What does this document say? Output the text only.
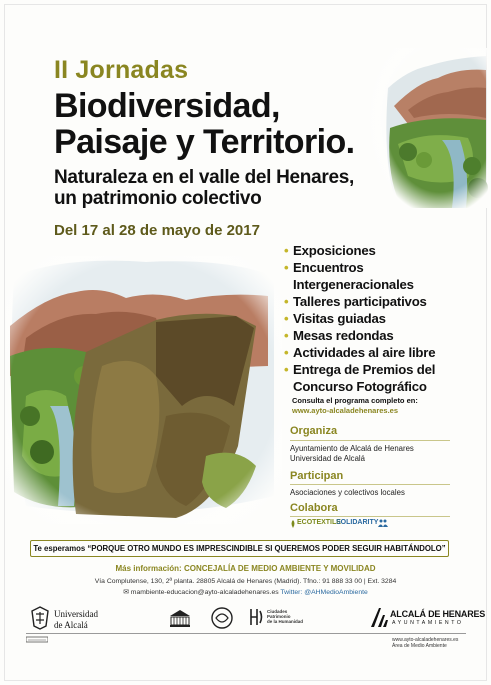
II Jornadas
Biodiversidad,
Paisaje y Territorio.
Naturaleza en el valle del Henares,
un patrimonio colectivo
Del 17 al 28 de mayo de 2017
• Exposiciones
• Encuentros
Intergeneracionales
• Talleres participativos
• Visitas guiadas
• Mesas redondas
• Actividades al aire libre
• Entrega de Premios del
Concurso Fotográfico
Consulta el programa completo en:
www.ayto-alcaladehenares.es
Organiza
Ayuntamiento de Alcalá de Henares
Universidad de Alcalá
Participan
Asociaciones y colectivos locales
Colabora
ECOTEXTILE
SOLIDARITY
Te esperamos “PORQUE OTRO MUNDO ES IMPRESCINDIBLE SI QUEREMOS PODER SEGUIR HABITÁNDOLO”
Más información: CONCEJALÍA DE MEDIO AMBIENTE Y MOVILIDAD
Vía Complutense, 130, 2ª planta. 28805 Alcalá de Henares (Madrid). Tfno.: 91 888 33 00 | Ext. 3284
✉ mambiente-educacion@ayto-alcaladehenares.es Twitter: @AHMedioAmbiente
Universidad
de Alcalá
Ciudades
Patrimonio
de la Humanidad
ALCALÁ DE HENARES
AYUNTAMIENTO
www.ayto-alcaladehenares.es
Área de Medio Ambiente
